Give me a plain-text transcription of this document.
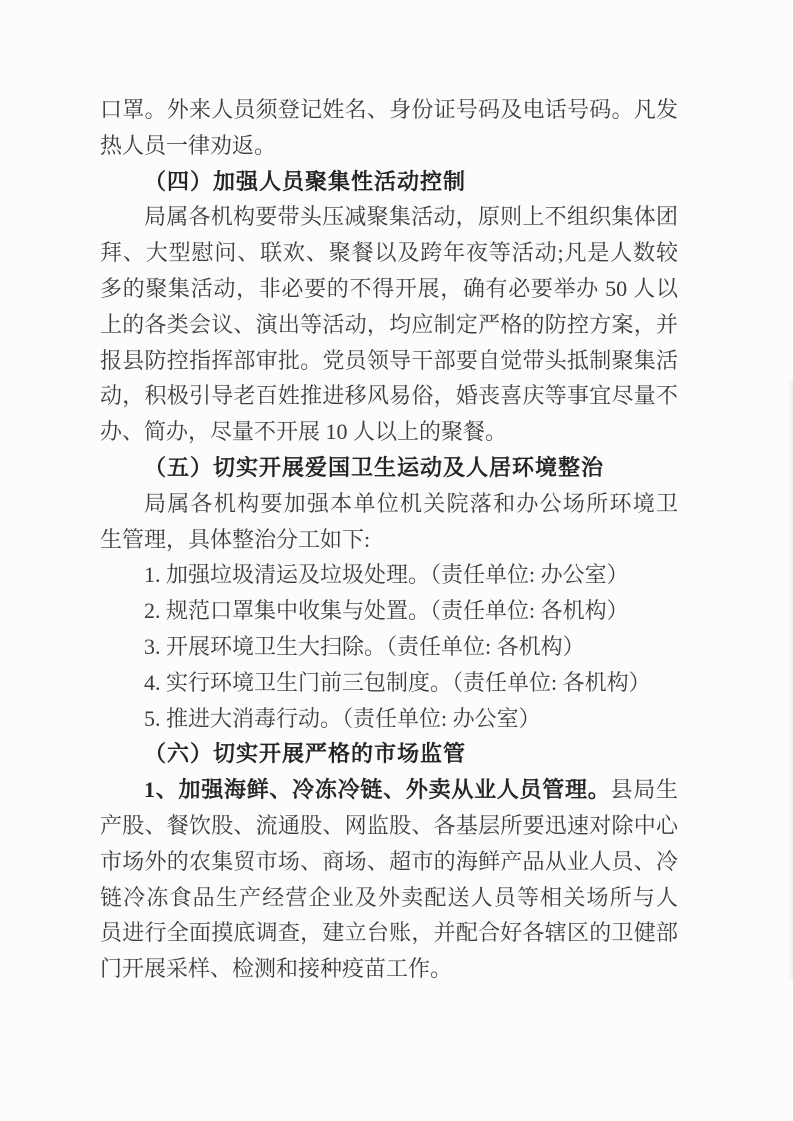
口罩。外来人员须登记姓名、身份证号码及电话号码。凡发
热人员一律劝返。
（四）加强人员聚集性活动控制
局属各机构要带头压减聚集活动，原则上不组织集体团
拜、大型慰问、联欢、聚餐以及跨年夜等活动;凡是人数较
多的聚集活动，非必要的不得开展，确有必要举办 50 人以
上的各类会议、演出等活动，均应制定严格的防控方案，并
报县防控指挥部审批。党员领导干部要自觉带头抵制聚集活
动，积极引导老百姓推进移风易俗，婚丧喜庆等事宜尽量不
办、简办，尽量不开展 10 人以上的聚餐。
（五）切实开展爱国卫生运动及人居环境整治
局属各机构要加强本单位机关院落和办公场所环境卫
生管理，具体整治分工如下:
1. 加强垃圾清运及垃圾处理。（责任单位: 办公室）
2. 规范口罩集中收集与处置。（责任单位: 各机构）
3. 开展环境卫生大扫除。（责任单位: 各机构）
4. 实行环境卫生门前三包制度。（责任单位: 各机构）
5. 推进大消毒行动。（责任单位: 办公室）
（六）切实开展严格的市场监管
1、加强海鲜、冷冻冷链、外卖从业人员管理。县局生
产股、餐饮股、流通股、网监股、各基层所要迅速对除中心
市场外的农集贸市场、商场、超市的海鲜产品从业人员、冷
链冷冻食品生产经营企业及外卖配送人员等相关场所与人
员进行全面摸底调查，建立台账，并配合好各辖区的卫健部
门开展采样、检测和接种疫苗工作。
